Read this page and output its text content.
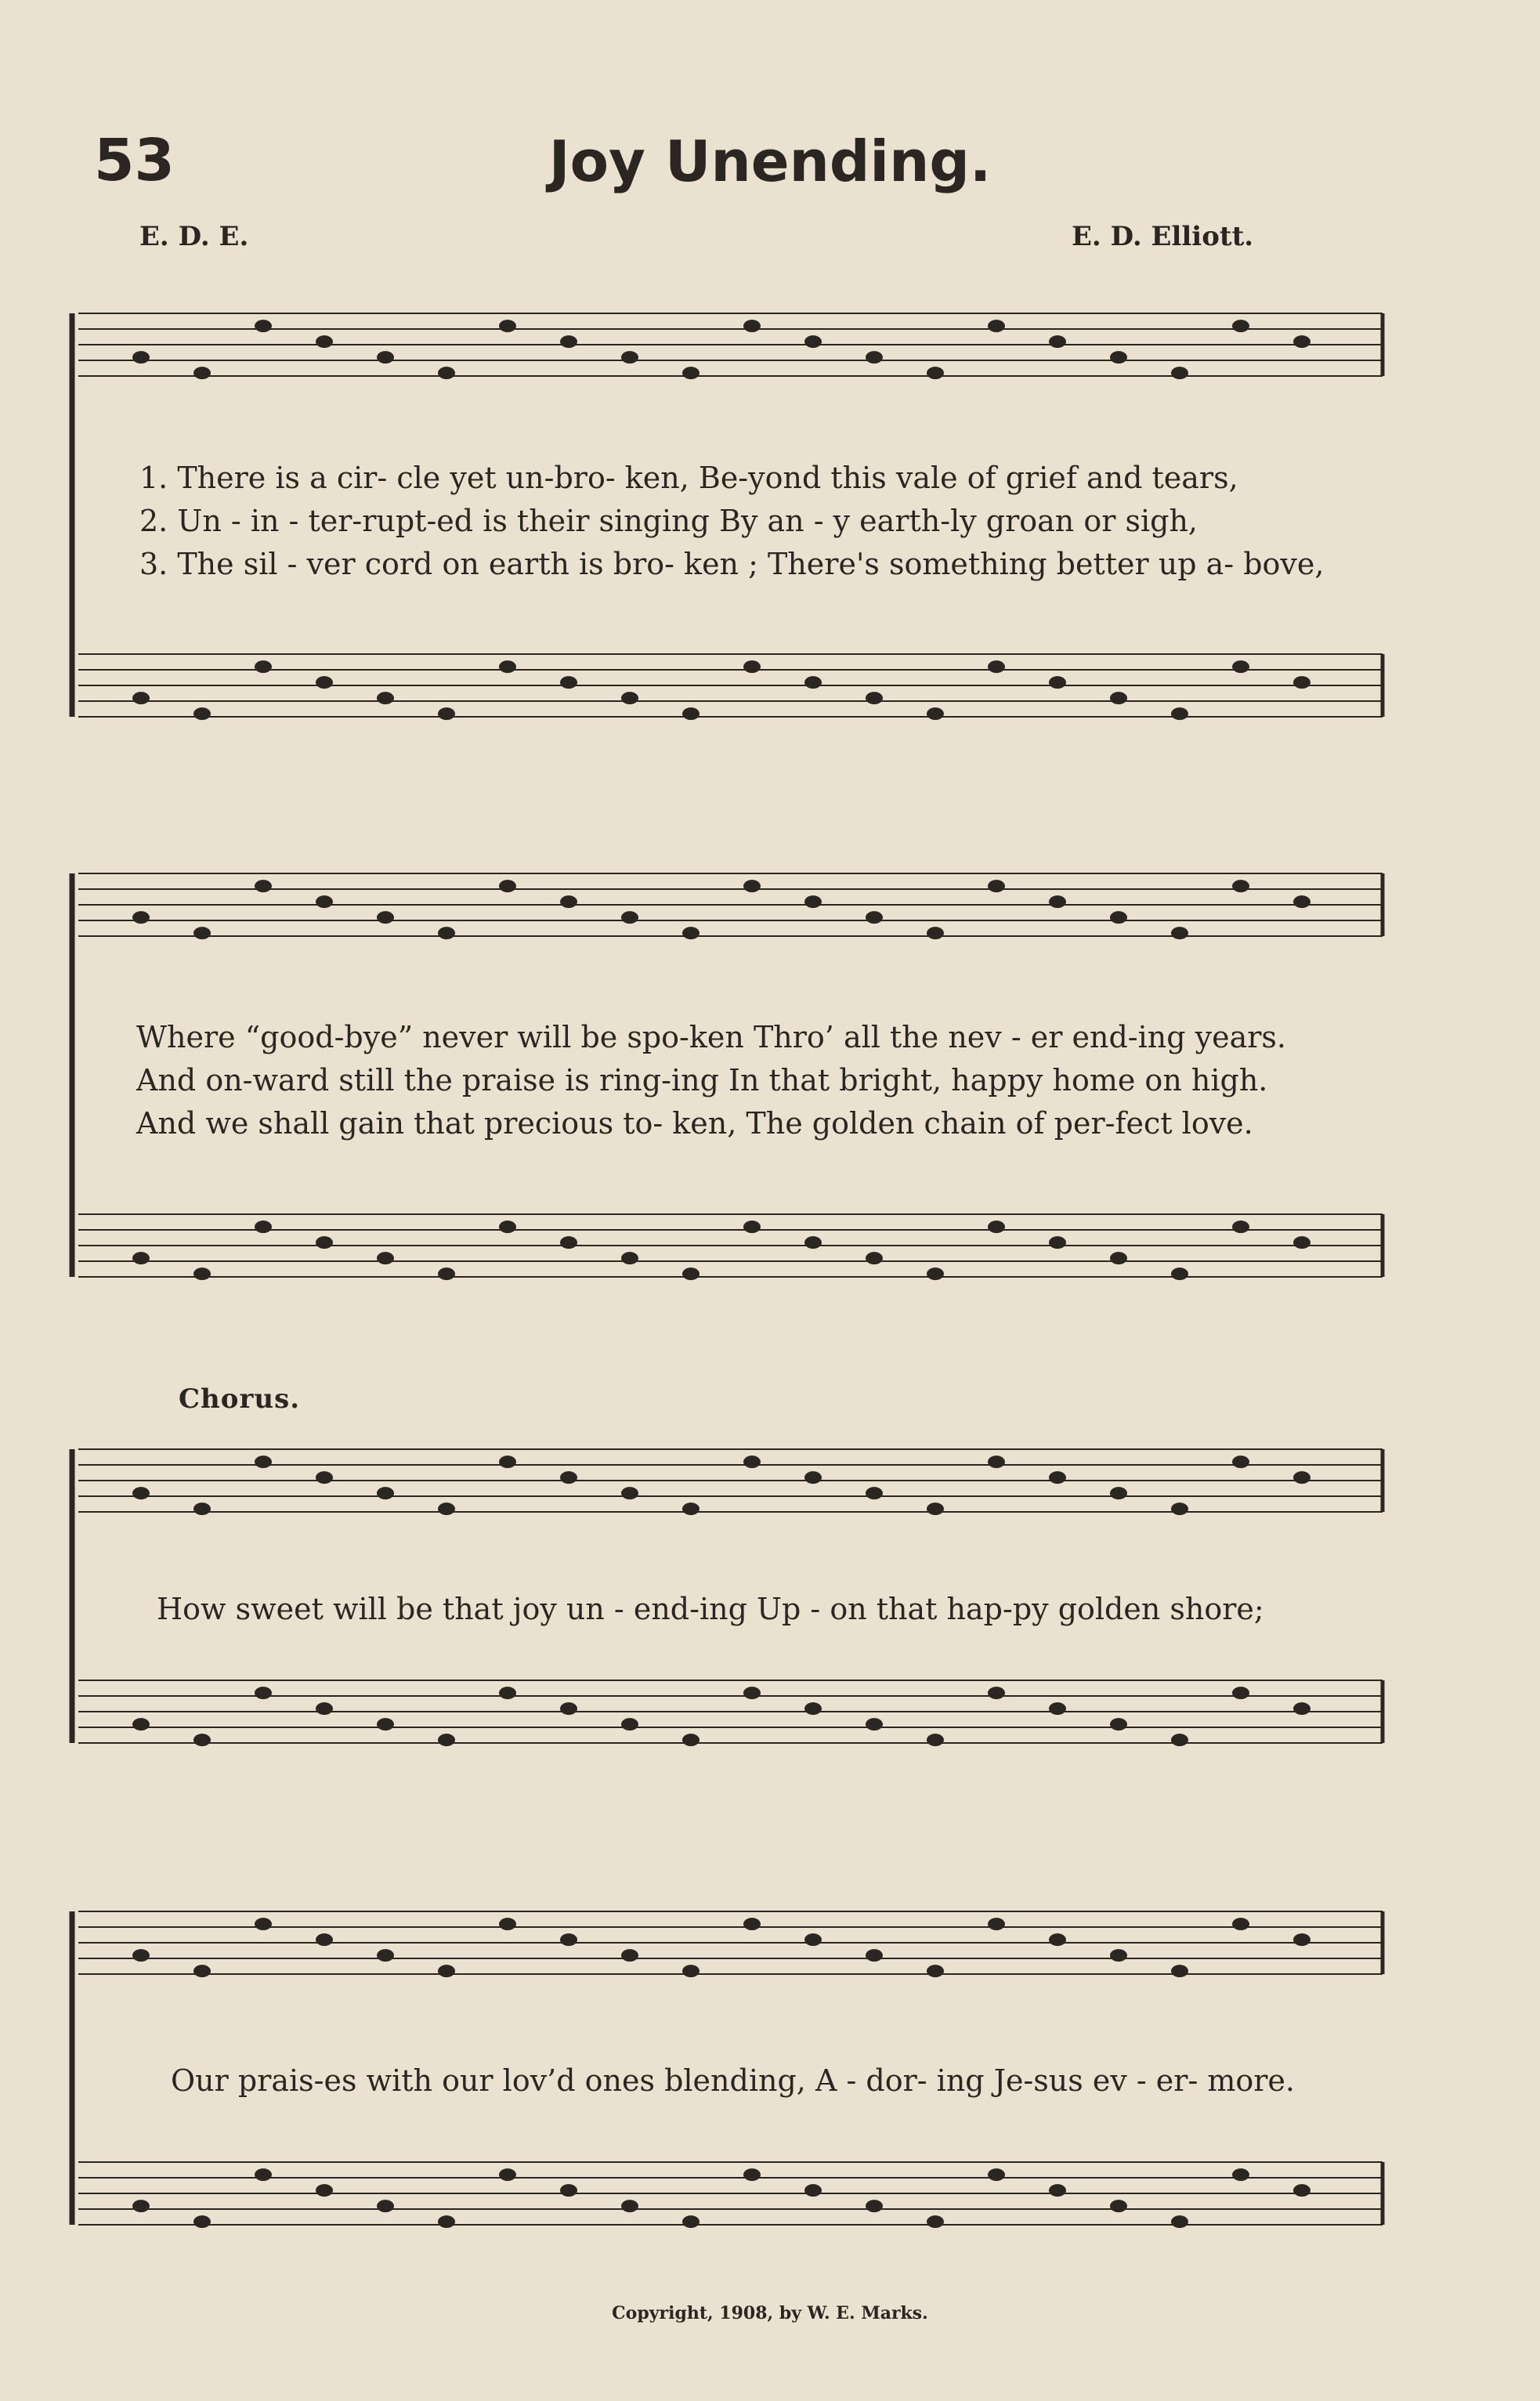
53	Joy Unending.
E. D. E.	E. D. Elliott.
1. There is a cir- cle yet un-bro- ken, Be-yond this vale of grief and tears,
2. Un - in - ter-rupt-ed is their singing By an - y earth-ly groan or sigh,
3. The sil - ver cord on earth is bro- ken ; There's something better up a- bove,
Where “good-bye” never will be spo-ken Thro’ all the nev - er end-ing years.
And on-ward still the praise is ring-ing In that bright, happy home on high.
And we shall gain that precious to- ken, The golden chain of per-fect love.
Chorus.
How sweet will be that joy un - end-ing Up - on that hap-py golden shore;
Our prais-es with our lov’d ones blending, A - dor- ing Je-sus ev - er- more.
Copyright, 1908, by W. E. Marks.
